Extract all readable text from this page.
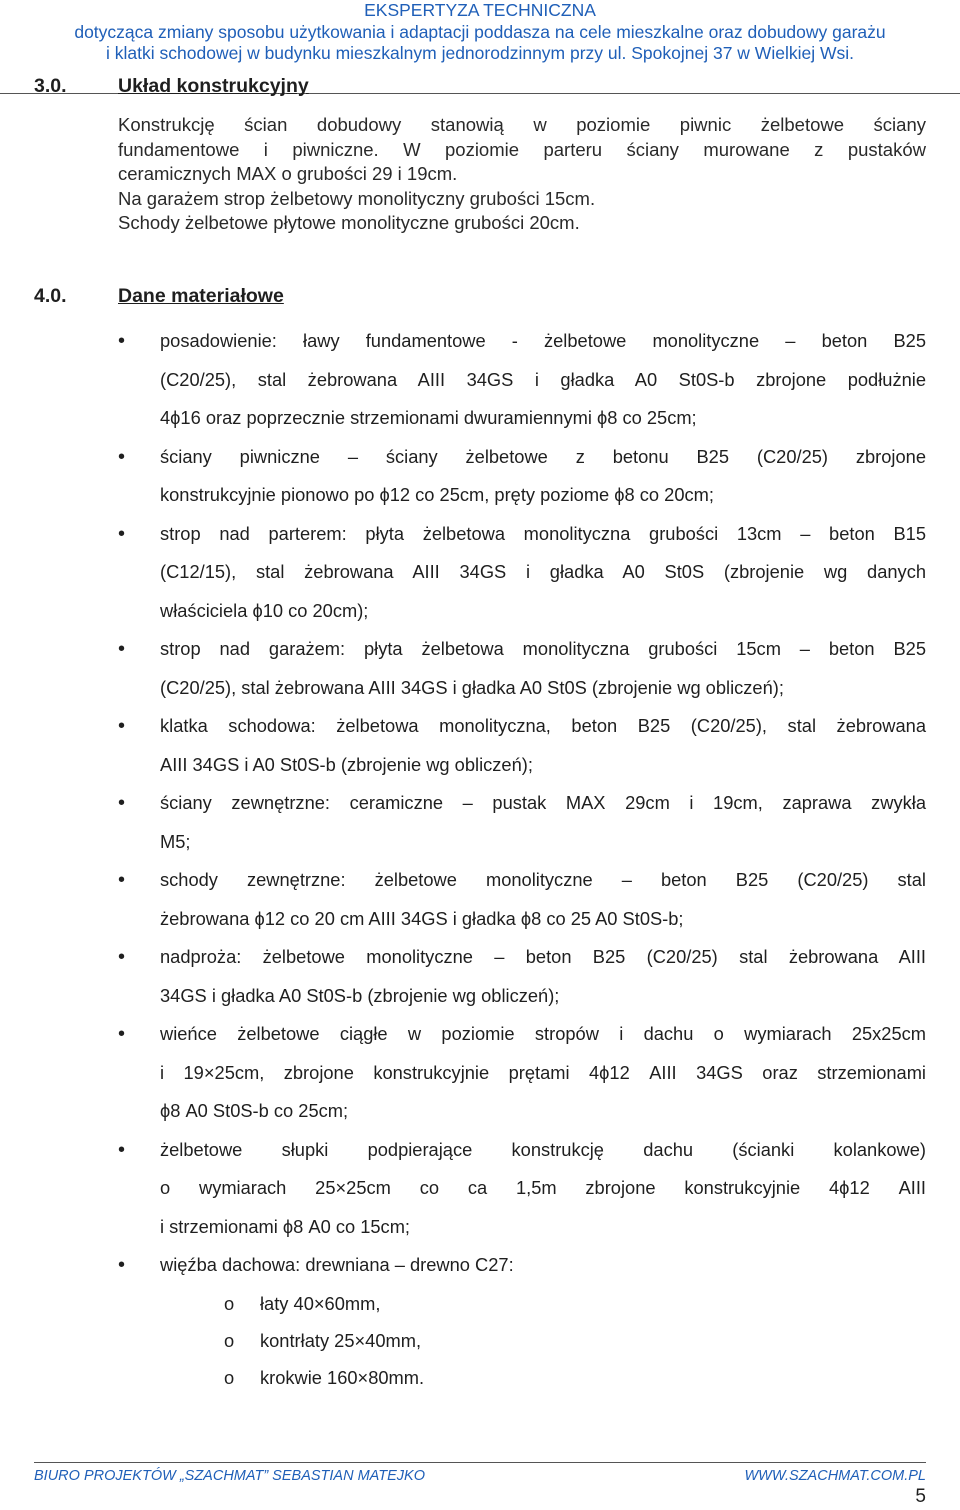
EKSPERTYZA TECHNICZNA
dotycząca zmiany sposobu użytkowania i adaptacji poddasza na cele mieszkalne oraz dobudowy garażu
i klatki schodowej w budynku mieszkalnym jednorodzinnym przy ul. Spokojnej 37 w Wielkiej Wsi.
3.0.	Układ konstrukcyjny

Konstrukcję ścian dobudowy stanowią w poziomie piwnic żelbetowe ściany

fundamentowe i piwniczne. W poziomie parteru ściany murowane z pustaków

ceramicznych MAX o grubości 29 i 19cm.

Na garażem strop żelbetowy monolityczny grubości 15cm.

Schody żelbetowe płytowe monolityczne grubości 20cm.

4.0.	Dane materiałowe
• posadowienie: ławy fundamentowe - żelbetowe monolityczne – beton B25
(C20/25), stal żebrowana AIII 34GS i gładka A0 St0S-b zbrojone podłużnie
4ϕ16 oraz poprzecznie strzemionami dwuramiennymi ϕ8 co 25cm;
• ściany piwniczne – ściany żelbetowe z betonu B25 (C20/25) zbrojone
konstrukcyjnie pionowo po ϕ12 co 25cm, pręty poziome ϕ8 co 20cm;
• strop nad parterem: płyta żelbetowa monolityczna grubości 13cm – beton B15
(C12/15), stal żebrowana AIII 34GS i gładka A0 St0S (zbrojenie wg danych
właściciela ϕ10 co 20cm);
• strop nad garażem: płyta żelbetowa monolityczna grubości 15cm – beton B25
(C20/25), stal żebrowana AIII 34GS i gładka A0 St0S (zbrojenie wg obliczeń);
• klatka schodowa: żelbetowa monolityczna, beton B25 (C20/25), stal żebrowana
AIII 34GS i A0 St0S-b (zbrojenie wg obliczeń);
• ściany zewnętrzne: ceramiczne – pustak MAX 29cm i 19cm, zaprawa zwykła
M5;
• schody zewnętrzne: żelbetowe monolityczne – beton B25 (C20/25) stal
żebrowana ϕ12 co 20 cm AIII 34GS i gładka ϕ8 co 25 A0 St0S-b;
• nadproża: żelbetowe monolityczne – beton B25 (C20/25) stal żebrowana AIII
34GS i gładka A0 St0S-b (zbrojenie wg obliczeń);
• wieńce żelbetowe ciągłe w poziomie stropów i dachu o wymiarach 25x25cm
i 19×25cm, zbrojone konstrukcyjnie prętami 4ϕ12 AIII 34GS oraz strzemionami
ϕ8 A0 St0S-b co 25cm;
• żelbetowe słupki podpierające konstrukcję dachu (ścianki kolankowe)
o wymiarach 25×25cm co ca 1,5m zbrojone konstrukcyjnie 4ϕ12 AIII
i strzemionami ϕ8 A0 co 15cm;
• więźba dachowa: drewniana – drewno C27:
o łaty 40×60mm,
o kontrłaty 25×40mm,
o krokwie 160×80mm.
BIURO PROJEKTÓW „SZACHMAT” SEBASTIAN MATEJKO	WWW.SZACHMAT.COM.PL
5
